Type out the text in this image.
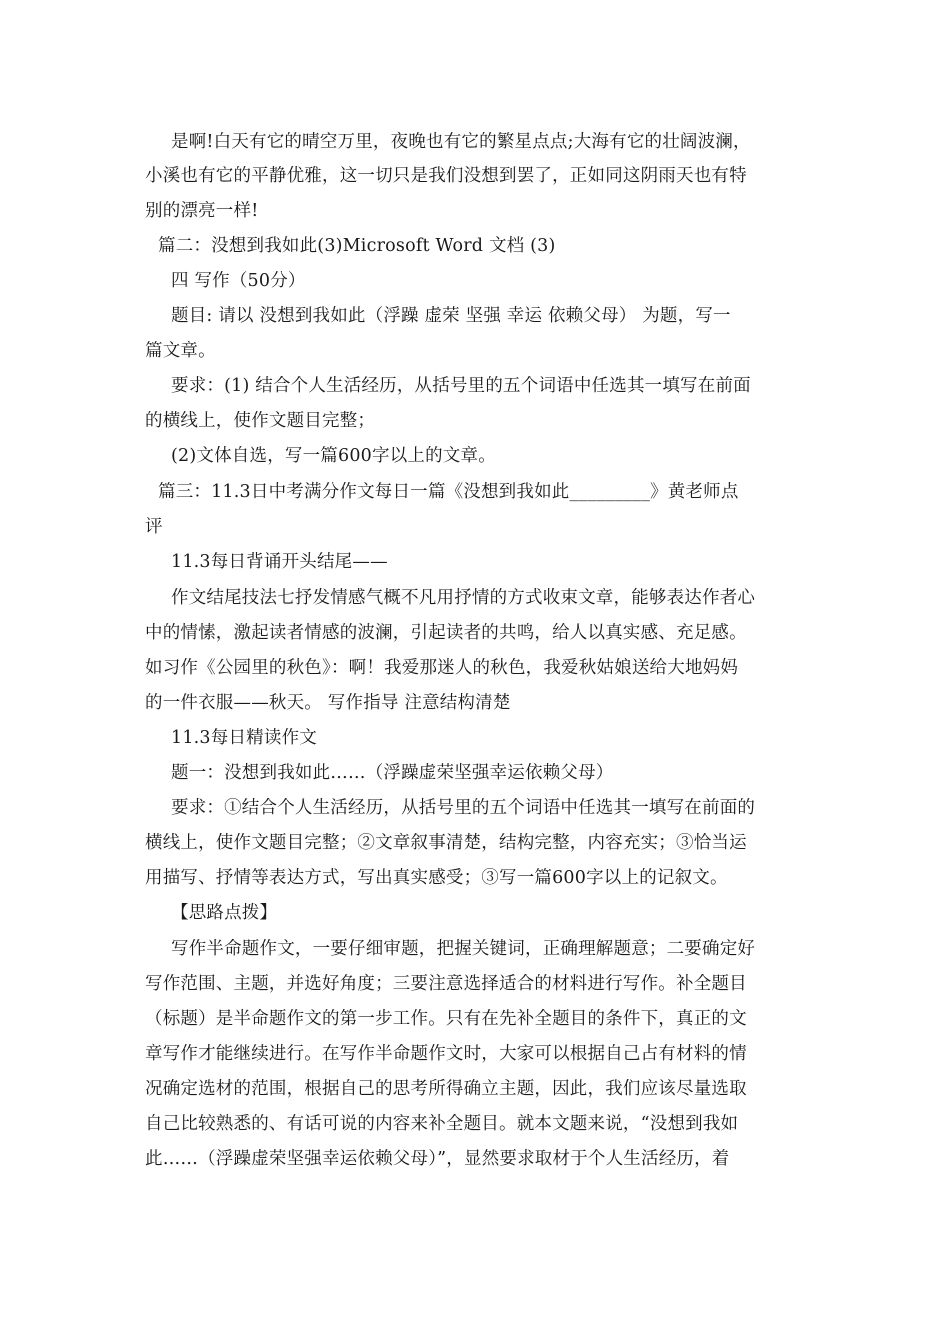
是啊!白天有它的晴空万里，夜晚也有它的繁星点点;大海有它的壮阔波澜，
小溪也有它的平静优雅，这一切只是我们没想到罢了，正如同这阴雨天也有特
别的漂亮一样!
篇二：没想到我如此(3)Microsoft Word 文档 (3)
四 写作（50分）
题目: 请以 没想到我如此（浮躁 虚荣 坚强 幸运 依赖父母） 为题，写一
篇文章。
要求：(1) 结合个人生活经历，从括号里的五个词语中任选其一填写在前面
的横线上，使作文题目完整；
(2)文体自选，写一篇600字以上的文章。
篇三：11.3日中考满分作文每日一篇《没想到我如此_________》黄老师点
评
11.3每日背诵开头结尾——
作文结尾技法七抒发情感气概不凡用抒情的方式收束文章，能够表达作者心
中的情愫，激起读者情感的波澜，引起读者的共鸣，给人以真实感、充足感。
如习作《公园里的秋色》：啊！我爱那迷人的秋色，我爱秋姑娘送给大地妈妈
的一件衣服——秋天。 写作指导 注意结构清楚
11.3每日精读作文
题一：没想到我如此……（浮躁虚荣坚强幸运依赖父母）
要求：①结合个人生活经历，从括号里的五个词语中任选其一填写在前面的
横线上，使作文题目完整；②文章叙事清楚，结构完整，内容充实；③恰当运
用描写、抒情等表达方式，写出真实感受；③写一篇600字以上的记叙文。
【思路点拨】
写作半命题作文，一要仔细审题，把握关键词，正确理解题意；二要确定好
写作范围、主题，并选好角度；三要注意选择适合的材料进行写作。补全题目
（标题）是半命题作文的第一步工作。只有在先补全题目的条件下，真正的文
章写作才能继续进行。在写作半命题作文时，大家可以根据自己占有材料的情
况确定选材的范围，根据自己的思考所得确立主题，因此，我们应该尽量选取
自己比较熟悉的、有话可说的内容来补全题目。就本文题来说，“没想到我如
此……（浮躁虚荣坚强幸运依赖父母）”，显然要求取材于个人生活经历，着
